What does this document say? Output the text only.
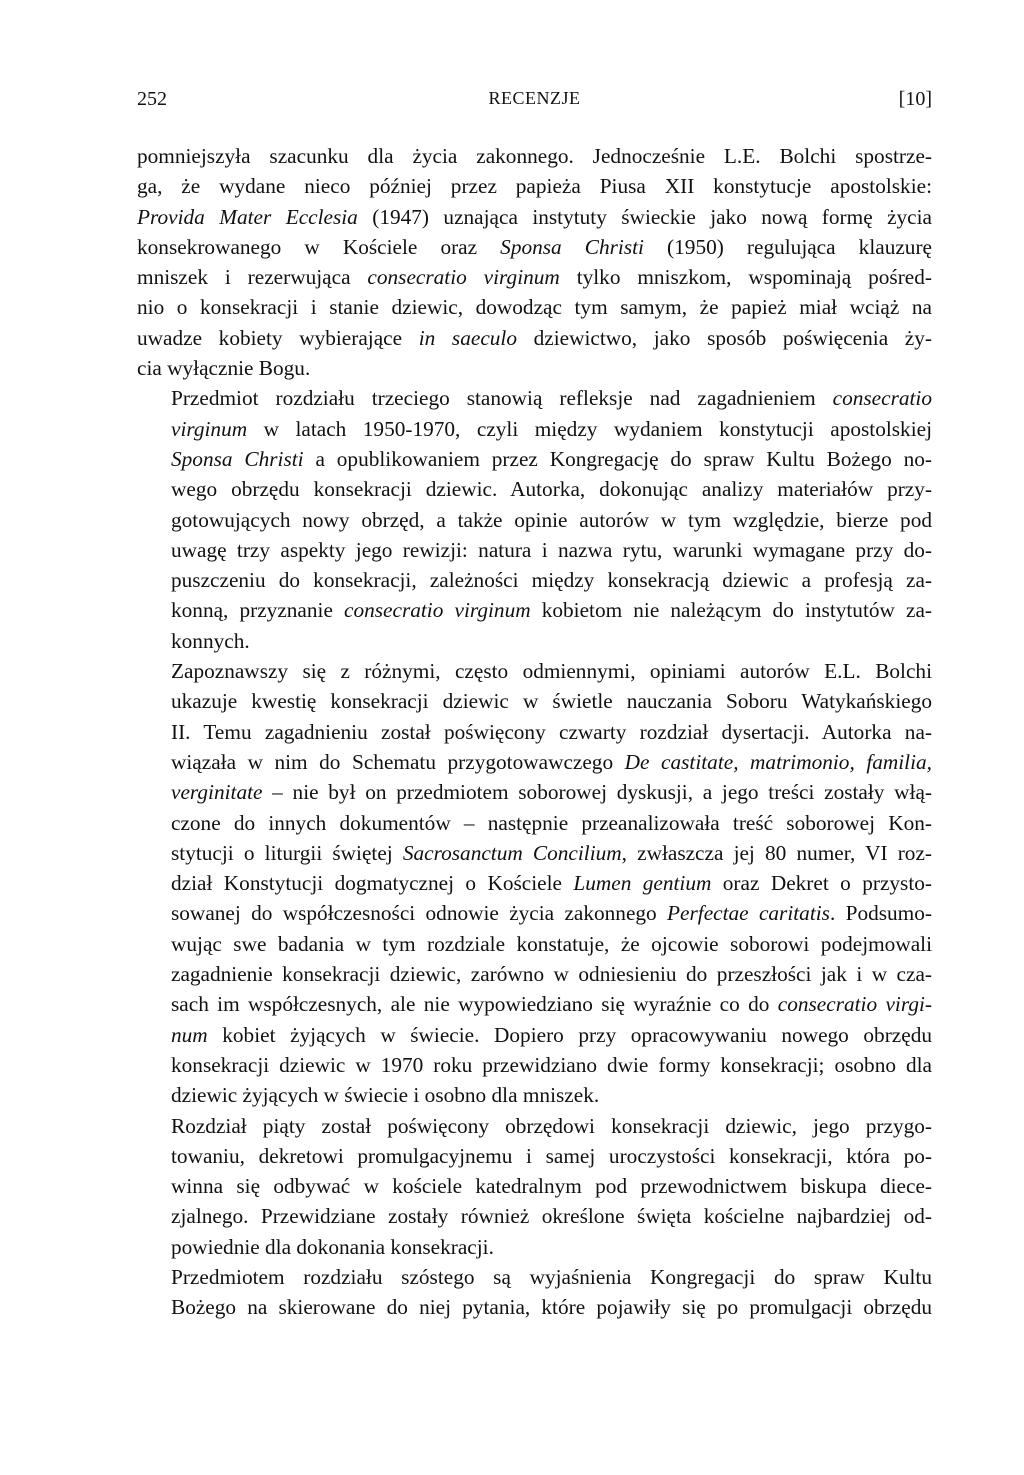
252	RECENZJE	[10]

pomniejszyła szacunku dla życia zakonnego. Jednocześnie L.E. Bolchi spostrze-
ga, że wydane nieco później przez papieża Piusa XII konstytucje apostolskie:
Provida Mater Ecclesia (1947) uznająca instytuty świeckie jako nową formę życia
konsekrowanego w Kościele oraz Sponsa Christi (1950) regulująca klauzurę
mniszek i rezerwująca consecratio virginum tylko mniszkom, wspominają pośred-
nio o konsekracji i stanie dziewic, dowodząc tym samym, że papież miał wciąż na
uwadze kobiety wybierające in saeculo dziewictwo, jako sposób poświęcenia ży-
cia wyłącznie Bogu.

Przedmiot rozdziału trzeciego stanowią refleksje nad zagadnieniem consecratio
virginum w latach 1950-1970, czyli między wydaniem konstytucji apostolskiej
Sponsa Christi a opublikowaniem przez Kongregację do spraw Kultu Bożego no-
wego obrzędu konsekracji dziewic. Autorka, dokonując analizy materiałów przy-
gotowujących nowy obrzęd, a także opinie autorów w tym względzie, bierze pod
uwagę trzy aspekty jego rewizji: natura i nazwa rytu, warunki wymagane przy do-
puszczeniu do konsekracji, zależności między konsekracją dziewic a profesją za-
konną, przyznanie consecratio virginum kobietom nie należącym do instytutów za-
konnych.

Zapoznawszy się z różnymi, często odmiennymi, opiniami autorów E.L. Bolchi
ukazuje kwestię konsekracji dziewic w świetle nauczania Soboru Watykańskiego
II. Temu zagadnieniu został poświęcony czwarty rozdział dysertacji. Autorka na-
wiązała w nim do Schematu przygotowawczego De castitate, matrimonio, familia,
verginitate – nie był on przedmiotem soborowej dyskusji, a jego treści zostały włą-
czone do innych dokumentów – następnie przeanalizowała treść soborowej Kon-
stytucji o liturgii świętej Sacrosanctum Concilium, zwłaszcza jej 80 numer, VI roz-
dział Konstytucji dogmatycznej o Kościele Lumen gentium oraz Dekret o przysto-
sowanej do współczesności odnowie życia zakonnego Perfectae caritatis. Podsumo-
wując swe badania w tym rozdziale konstatuje, że ojcowie soborowi podejmowali
zagadnienie konsekracji dziewic, zarówno w odniesieniu do przeszłości jak i w cza-
sach im współczesnych, ale nie wypowiedziano się wyraźnie co do consecratio virgi-
num kobiet żyjących w świecie. Dopiero przy opracowywaniu nowego obrzędu
konsekracji dziewic w 1970 roku przewidziano dwie formy konsekracji; osobno dla
dziewic żyjących w świecie i osobno dla mniszek.

Rozdział piąty został poświęcony obrzędowi konsekracji dziewic, jego przygo-
towaniu, dekretowi promulgacyjnemu i samej uroczystości konsekracji, która po-
winna się odbywać w kościele katedralnym pod przewodnictwem biskupa diece-
zjalnego. Przewidziane zostały również określone święta kościelne najbardziej od-
powiednie dla dokonania konsekracji.

Przedmiotem rozdziału szóstego są wyjaśnienia Kongregacji do spraw Kultu
Bożego na skierowane do niej pytania, które pojawiły się po promulgacji obrzędu
